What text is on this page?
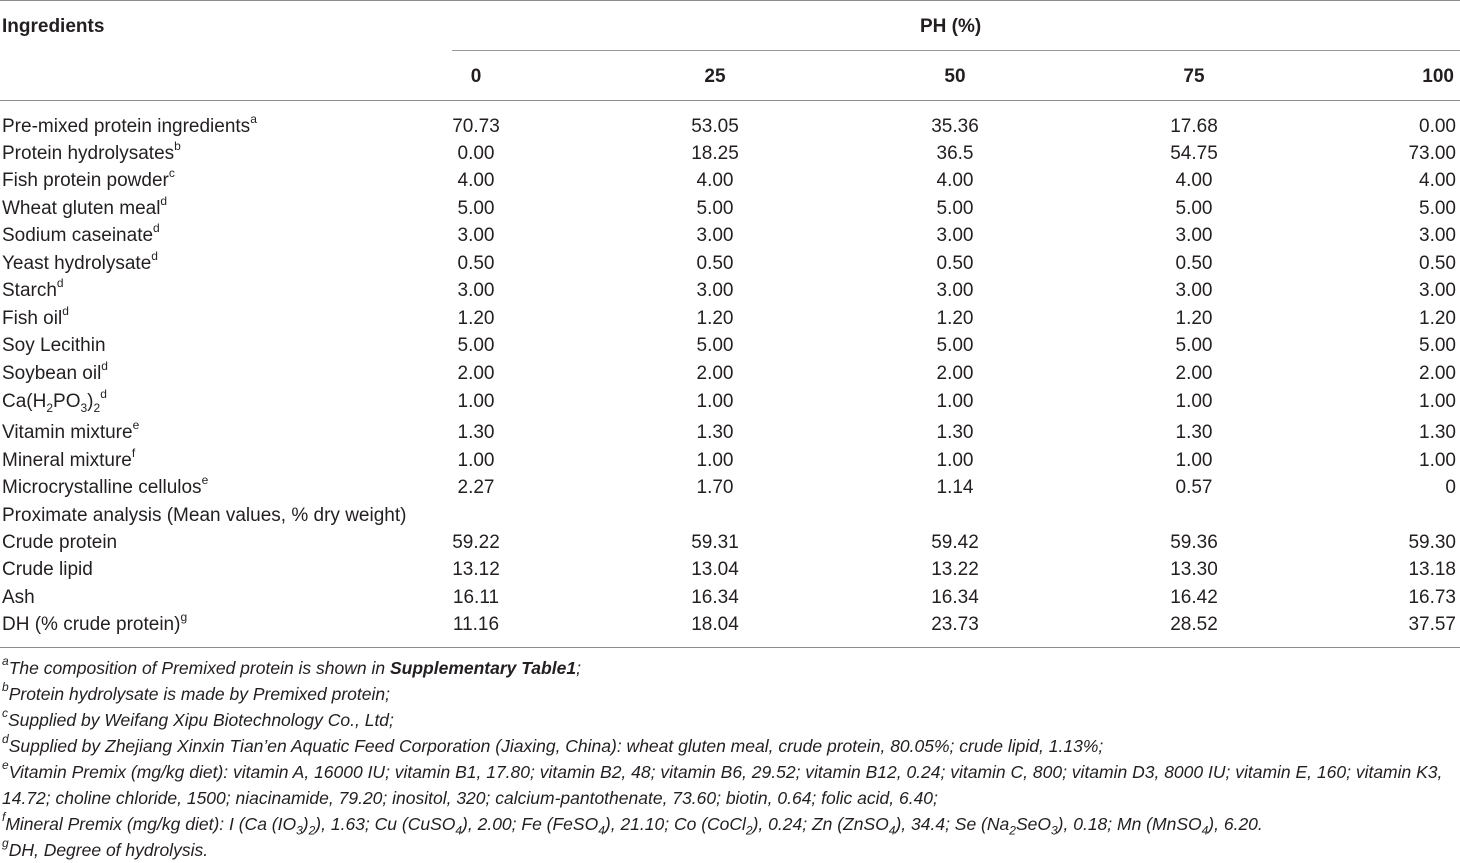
Ingredients	PH (%)
0	25	50	75	100
Pre-mixed protein ingredients$^a$	70.73	53.05	35.36	17.68	0.00
Protein hydrolysates$^b$	0.00	18.25	36.5	54.75	73.00
Fish protein powder$^c$	4.00	4.00	4.00	4.00	4.00
Wheat gluten meal$^d$	5.00	5.00	5.00	5.00	5.00
Sodium caseinate$^d$	3.00	3.00	3.00	3.00	3.00
Yeast hydrolysate$^d$	0.50	0.50	0.50	0.50	0.50
Starch$^d$	3.00	3.00	3.00	3.00	3.00
Fish oil$^d$	1.20	1.20	1.20	1.20	1.20
Soy Lecithin	5.00	5.00	5.00	5.00	5.00
Soybean oil$^d$	2.00	2.00	2.00	2.00	2.00
$Ca(H_2PO_3)_2^d$	1.00	1.00	1.00	1.00	1.00
Vitamin mixture$^e$	1.30	1.30	1.30	1.30	1.30
Mineral mixture$^f$	1.00	1.00	1.00	1.00	1.00
Microcrystalline cellulos$^e$	2.27	1.70	1.14	0.57	0
Proximate analysis (Mean values, % dry weight)
Crude protein	59.22	59.31	59.42	59.36	59.30
Crude lipid	13.12	13.04	13.22	13.30	13.18
Ash	16.11	16.34	16.34	16.42	16.73
DH (% crude protein)$^g$	11.16	18.04	23.73	28.52	37.57
$^a$The composition of Premixed protein is shown in Supplementary Table1;
$^b$Protein hydrolysate is made by Premixed protein;
$^c$Supplied by Weifang Xipu Biotechnology Co., Ltd;
$^d$Supplied by Zhejiang Xinxin Tian’en Aquatic Feed Corporation (Jiaxing, China): wheat gluten meal, crude protein, 80.05%; crude lipid, 1.13%;
$^e$Vitamin Premix (mg/kg diet): vitamin A, 16000 IU; vitamin B1, 17.80; vitamin B2, 48; vitamin B6, 29.52; vitamin B12, 0.24; vitamin C, 800; vitamin D3, 8000 IU; vitamin E, 160; vitamin K3, 14.72; choline chloride, 1500; niacinamide, 79.20; inositol, 320; calcium-pantothenate, 73.60; biotin, 0.64; folic acid, 6.40;
$^f$Mineral Premix (mg/kg diet): I (Ca $(IO_3)_2$), 1.63; Cu (CuSO$_4$), 2.00; Fe (FeSO$_4$), 21.10; Co (CoCl$_2$), 0.24; Zn (ZnSO$_4$), 34.4; Se $(Na_2SeO_3)$, 0.18; Mn (MnSO$_4$), 6.20.
$^g$DH, Degree of hydrolysis.
